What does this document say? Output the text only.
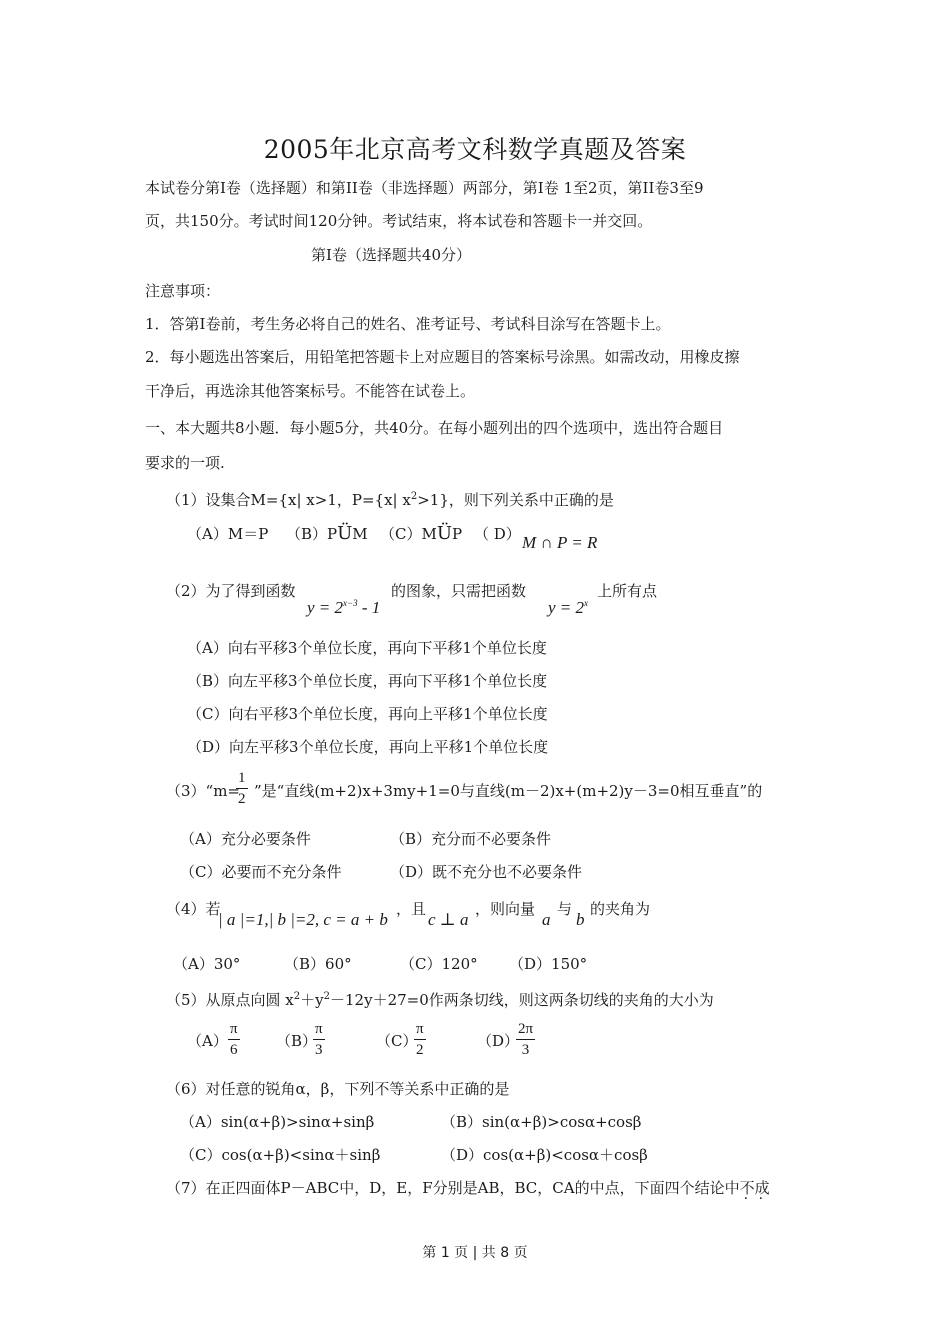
2005年北京高考文科数学真题及答案
本试卷分第I卷（选择题）和第II卷（非选择题）两部分，第I卷 1至2页，第II卷3至9
页，共150分。考试时间120分钟。考试结束，将本试卷和答题卡一并交回。
第I卷（选择题共40分）
注意事项：
1．答第I卷前，考生务必将自己的姓名、准考证号、考试科目涂写在答题卡上。
2．每小题选出答案后，用铅笔把答题卡上对应题目的答案标号涂黑。如需改动，用橡皮擦
干净后，再选涂其他答案标号。不能答在试卷上。
一、本大题共8小题．每小题5分，共40分。在每小题列出的四个选项中，选出符合题目
要求的一项.
（1）设集合M={x| x>1，P={x| $x^2>1$}，则下列关系中正确的是
（A）M＝P （B）PÜM （C）MÜP （ D） M ∩ P = R
（2）为了得到函数
$y = 2^{x-3} - 1$
的图象，只需把函数
$y = 2^x$
上所有点
（A）向右平移3个单位长度，再向下平移1个单位长度
（B）向左平移3个单位长度，再向下平移1个单位长度
（C）向右平移3个单位长度，再向上平移1个单位长度
（D）向左平移3个单位长度，再向上平移1个单位长度
（3）“m=
$\frac{1}{2}$ ”是“直线(m+2)x+3my+1=0与直线(m－2)x+(m+2)y－3=0相互垂直”的
（A）充分必要条件	（B）充分而不必要条件
（C）必要而不充分条件	（D）既不充分也不必要条件
（4）若
| a |=1,| b |=2, c = a + b
，且
c ⊥ a
，则向量
a
与
b
的夹角为
（A）30°	（B）60°	（C）120° （D）150°
（5）从原点向圆 $x^2+y^2-12y+27=0$作两条切线，则这两条切线的夹角的大小为
$(A) \frac{\pi}{6} (B)$
$\frac{\pi}{3}$	（C）
$\frac{\pi}{2}$	（D）
$\frac{2\pi}{3}$
（6）对任意的锐角α，β，下列不等关系中正确的是
（A）sin(α+β)>sinα+sinβ	（B）sin(α+β)>cosα+cosβ
（C）cos(α+β)<sinα＋sinβ	（D）cos(α+β)<cosα＋cosβ
（7）在正四面体P－ABC中，D，E，F分别是AB，BC，CA的中点，下面四个结论中不成
第 1 页 | 共 8 页
